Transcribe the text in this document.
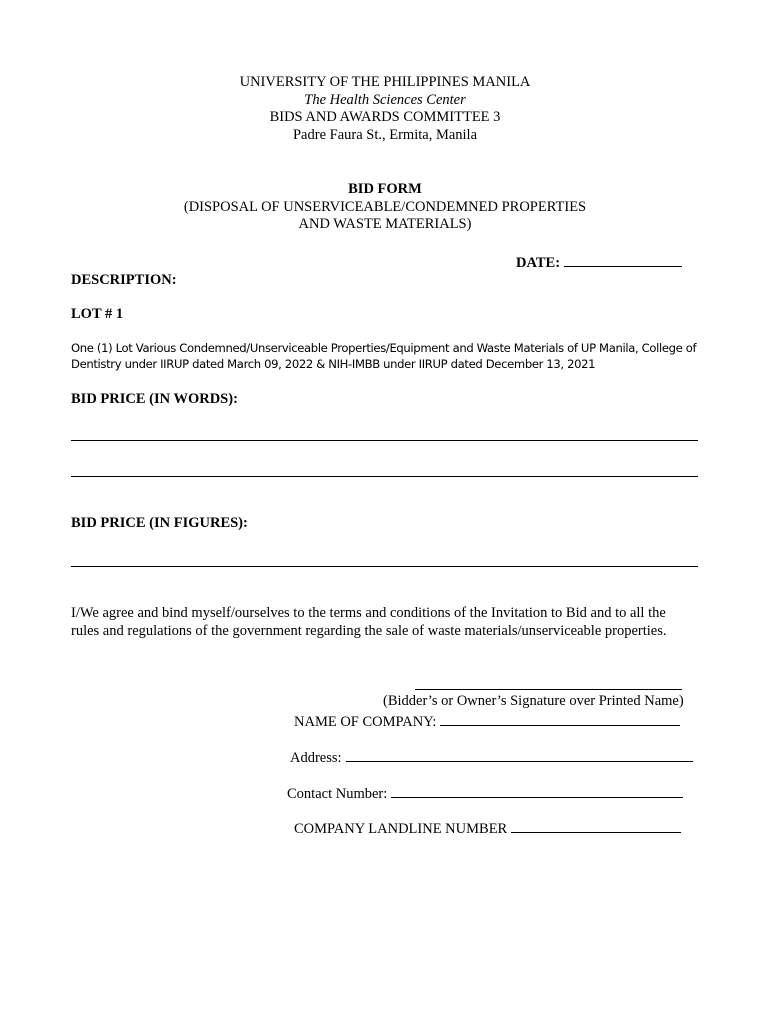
UNIVERSITY OF THE PHILIPPINES MANILA
The Health Sciences Center
BIDS AND AWARDS COMMITTEE 3
Padre Faura St., Ermita, Manila
BID FORM
(DISPOSAL OF UNSERVICEABLE/CONDEMNED PROPERTIES
AND WASTE MATERIALS)
DATE:
DESCRIPTION:
LOT # 1
One (1) Lot Various Condemned/Unserviceable Properties/Equipment and Waste Materials of UP Manila, College of
Dentistry under IIRUP dated March 09, 2022 & NIH-IMBB under IIRUP dated December 13, 2021
BID PRICE (IN WORDS):
BID PRICE (IN FIGURES):
I/We agree and bind myself/ourselves to the terms and conditions of the Invitation to Bid and to all the
rules and regulations of the government regarding the sale of waste materials/unserviceable properties.
(Bidder’s or Owner’s Signature over Printed Name)
NAME OF COMPANY:
Address:
Contact Number:
COMPANY LANDLINE NUMBER
